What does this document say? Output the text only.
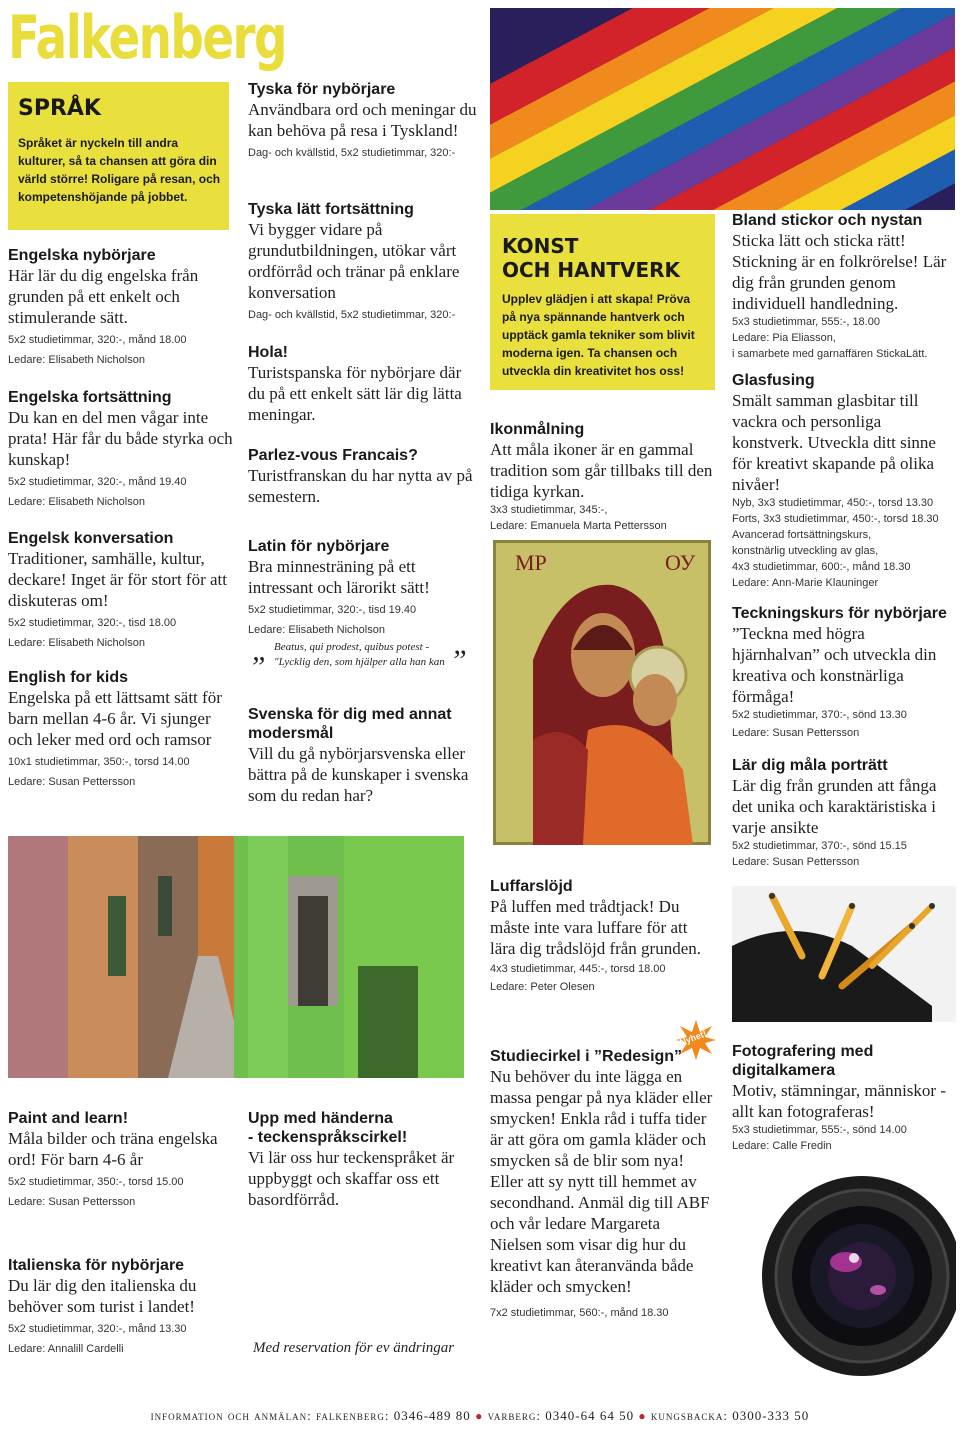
Falkenberg
SPRÅK

Språket är nyckeln till andra kulturer, så ta chansen att göra din värld större! Roligare på resan, och kompetenshöjande på jobbet.

Engelska nybörjare

Här lär du dig engelska från grunden på ett enkelt och stimulerande sätt.

5x2 studietimmar, 320:-, månd 18.00

Ledare: Elisabeth Nicholson

Engelska fortsättning

Du kan en del men vågar inte prata! Här får du både styrka och kunskap!

5x2 studietimmar, 320:-, månd 19.40

Ledare: Elisabeth Nicholson

Engelsk konversation

Traditioner, samhälle, kultur, deckare! Inget är för stort för att diskuteras om!

5x2 studietimmar, 320:-, tisd 18.00

Ledare: Elisabeth Nicholson

English for kids

Engelska på ett lättsamt sätt för barn mellan 4-6 år. Vi sjunger och leker med ord och ramsor

10x1 studietimmar, 350:-, torsd 14.00

Ledare: Susan Pettersson

Tyska för nybörjare

Användbara ord och meningar du kan behöva på resa i Tyskland!

Dag- och kvällstid, 5x2 studietimmar, 320:-

Tyska lätt fortsättning

Vi bygger vidare på grundutbildningen, utökar vårt ordförråd och tränar på enklare konversation

Dag- och kvällstid, 5x2 studietimmar, 320:-

Hola!

Turistspanska för nybörjare där du på ett enkelt sätt lär dig lätta meningar.

Parlez-vous Francais?

Turistfranskan du har nytta av på semestern.

Latin för nybörjare

Bra minnesträning på ett intressant och lärorikt sätt!

5x2 studietimmar, 320:-, tisd 19.40

Ledare: Elisabeth Nicholson

„ Beatus, qui prodest, quibus potest -

"Lycklig den, som hjälper alla han kan ”

Svenska för dig med annat

modersmål

Vill du gå nybörjarsvenska eller bättra på de kunskaper i svenska som du redan har?

Paint and learn!

Måla bilder och träna engelska ord! För barn 4-6 år

5x2 studietimmar, 350:-, torsd 15.00

Ledare: Susan Pettersson

Italienska för nybörjare

Du lär dig den italienska du behöver som turist i landet!

5x2 studietimmar, 320:-, månd 13.30

Ledare: Annalill Cardelli

Upp med händerna

- teckenspråkscirkel!

Vi lär oss hur teckenspråket är uppbyggt och skaffar oss ett basordförråd.

Med reservation för ev ändringar

KONST
OCH HANTVERK

Upplev glädjen i att skapa! Pröva på nya spännande hantverk och upptäck gamla tekniker som blivit moderna igen. Ta chansen och utveckla din kreativitet hos oss!

Ikonmålning

Att måla ikoner är en gammal tradition som går tillbaks till den tidiga kyrkan.

3x3 studietimmar, 345:-,

Ledare: Emanuela Marta Pettersson

МР	ОУ

Luffarslöjd

På luffen med trådtjack! Du måste inte vara luffare för att lära dig trådslöjd från grunden.

4x3 studietimmar, 445:-, torsd 18.00

Ledare: Peter Olesen

Nyhet!

Studiecirkel i ”Redesign”

Nu behöver du inte lägga en massa pengar på nya kläder eller smycken! Enkla råd i tuffa tider är att göra om gamla kläder och smycken så de blir som nya! Eller att sy nytt till hemmet av secondhand. Anmäl dig till ABF och vår ledare Margareta Nielsen som visar dig hur du kreativt kan återanvända både kläder och smycken!

7x2 studietimmar, 560:-, månd 18.30

Bland stickor och nystan

Sticka lätt och sticka rätt! Stickning är en folkrörelse! Lär dig från grunden genom individuell handledning.

5x3 studietimmar, 555:-, 18.00

Ledare: Pia Eliasson,
i samarbete med garnaffären StickaLätt.

Glasfusing

Smält samman glasbitar till vackra och personliga konstverk. Utveckla ditt sinne för kreativt skapande på olika nivåer!

Nyb, 3x3 studietimmar, 450:-, torsd 13.30
Forts, 3x3 studietimmar, 450:-, torsd 18.30
Avancerad fortsättningskurs,
konstnärlig utveckling av glas,
4x3 studietimmar, 600:-, månd 18.30

Ledare: Ann-Marie Klauninger

Teckningskurs för nybörjare

”Teckna med högra hjärnhalvan” och utveckla din kreativa och konstnärliga förmåga!

5x2 studietimmar, 370:-, sönd 13.30

Ledare: Susan Pettersson

Lär dig måla porträtt

Lär dig från grunden att fånga det unika och karaktäristiska i varje ansikte

5x2 studietimmar, 370:-, sönd 15.15

Ledare: Susan Pettersson

Fotografering med

digitalkamera

Motiv, stämningar, människor - allt kan fotograferas!

5x3 studietimmar, 555:-, sönd 14.00

Ledare: Calle Fredin

information och anmälan: falkenberg: 0346-489 80 ● varberg: 0340-64 64 50 ● kungsbacka: 0300-333 50
